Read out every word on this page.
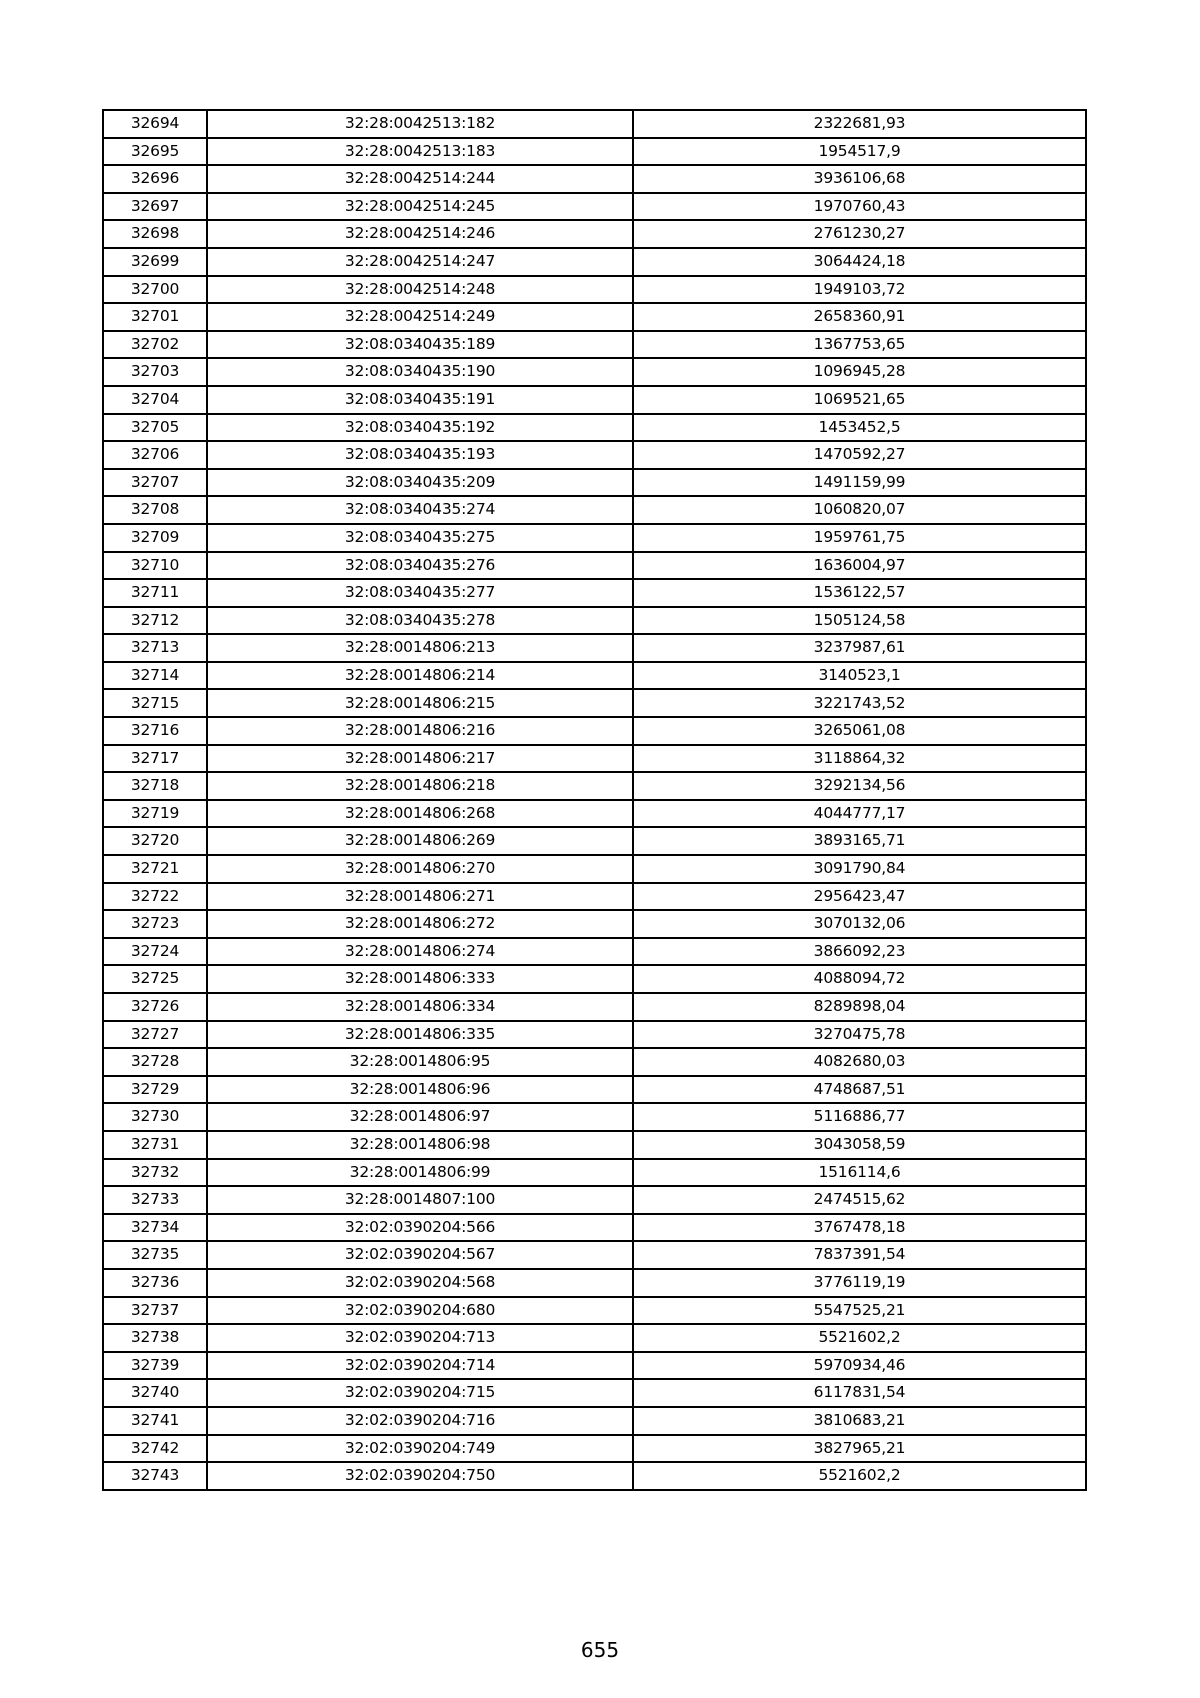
32694	32:28:0042513:182	2322681,93
32695	32:28:0042513:183	1954517,9
32696	32:28:0042514:244	3936106,68
32697	32:28:0042514:245	1970760,43
32698	32:28:0042514:246	2761230,27
32699	32:28:0042514:247	3064424,18
32700	32:28:0042514:248	1949103,72
32701	32:28:0042514:249	2658360,91
32702	32:08:0340435:189	1367753,65
32703	32:08:0340435:190	1096945,28
32704	32:08:0340435:191	1069521,65
32705	32:08:0340435:192	1453452,5
32706	32:08:0340435:193	1470592,27
32707	32:08:0340435:209	1491159,99
32708	32:08:0340435:274	1060820,07
32709	32:08:0340435:275	1959761,75
32710	32:08:0340435:276	1636004,97
32711	32:08:0340435:277	1536122,57
32712	32:08:0340435:278	1505124,58
32713	32:28:0014806:213	3237987,61
32714	32:28:0014806:214	3140523,1
32715	32:28:0014806:215	3221743,52
32716	32:28:0014806:216	3265061,08
32717	32:28:0014806:217	3118864,32
32718	32:28:0014806:218	3292134,56
32719	32:28:0014806:268	4044777,17
32720	32:28:0014806:269	3893165,71
32721	32:28:0014806:270	3091790,84
32722	32:28:0014806:271	2956423,47
32723	32:28:0014806:272	3070132,06
32724	32:28:0014806:274	3866092,23
32725	32:28:0014806:333	4088094,72
32726	32:28:0014806:334	8289898,04
32727	32:28:0014806:335	3270475,78
32728	32:28:0014806:95	4082680,03
32729	32:28:0014806:96	4748687,51
32730	32:28:0014806:97	5116886,77
32731	32:28:0014806:98	3043058,59
32732	32:28:0014806:99	1516114,6
32733	32:28:0014807:100	2474515,62
32734	32:02:0390204:566	3767478,18
32735	32:02:0390204:567	7837391,54
32736	32:02:0390204:568	3776119,19
32737	32:02:0390204:680	5547525,21
32738	32:02:0390204:713	5521602,2
32739	32:02:0390204:714	5970934,46
32740	32:02:0390204:715	6117831,54
32741	32:02:0390204:716	3810683,21
32742	32:02:0390204:749	3827965,21
32743	32:02:0390204:750	5521602,2
655
